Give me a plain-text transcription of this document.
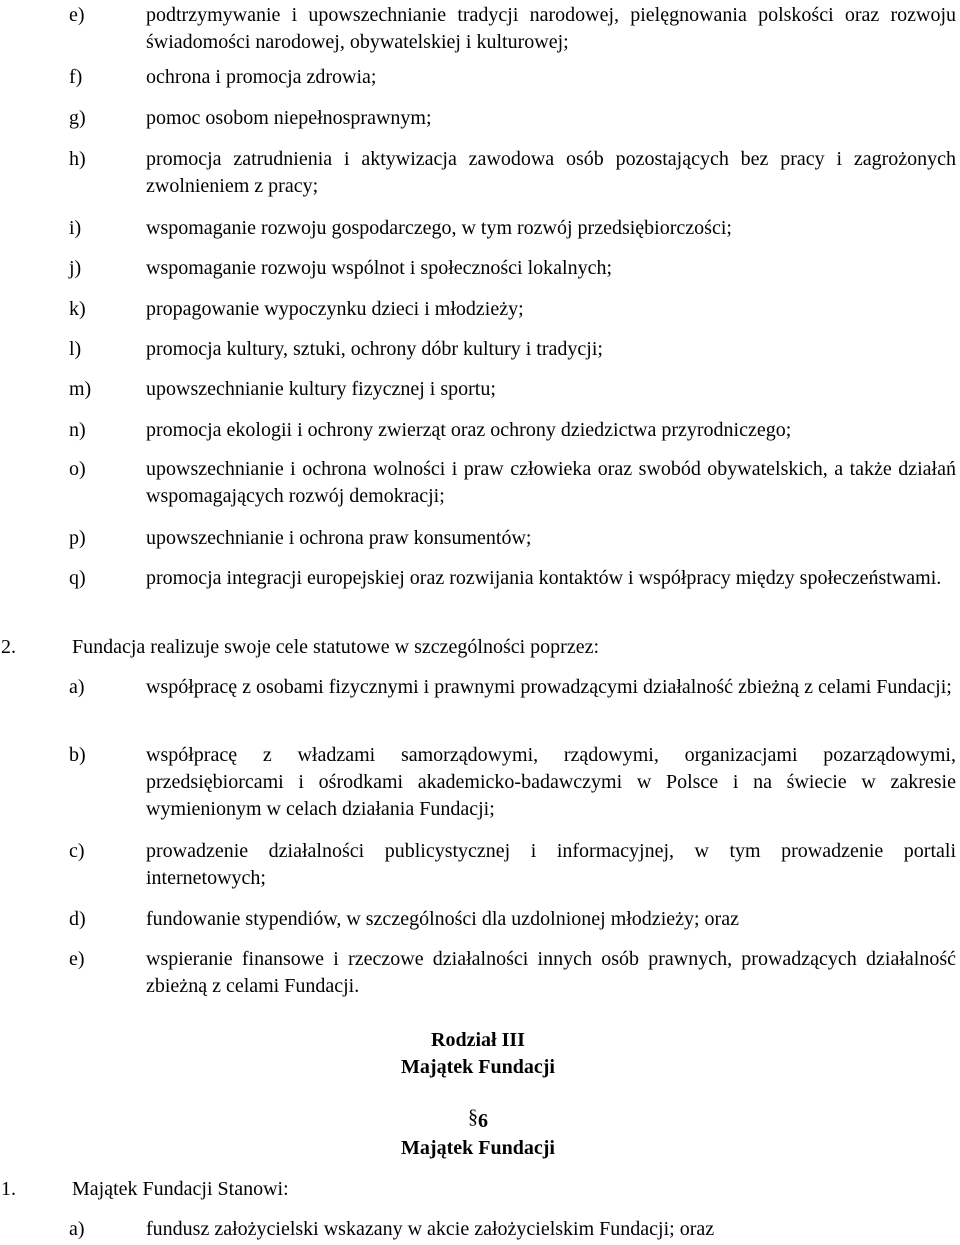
e)	podtrzymywanie i upowszechnianie tradycji narodowej, pielęgnowania polskości oraz rozwoju świadomości narodowej, obywatelskiej i kulturowej;
f)	ochrona i promocja zdrowia;
g)	pomoc osobom niepełnosprawnym;
h)	promocja zatrudnienia i aktywizacja zawodowa osób pozostających bez pracy i zagrożonych zwolnieniem z pracy;
i)	wspomaganie rozwoju gospodarczego, w tym rozwój przedsiębiorczości;
j)	wspomaganie rozwoju wspólnot i społeczności lokalnych;
k)	propagowanie wypoczynku dzieci i młodzieży;
l)	promocja kultury, sztuki, ochrony dóbr kultury i tradycji;
m)	upowszechnianie kultury fizycznej i sportu;
n)	promocja ekologii i ochrony zwierząt oraz ochrony dziedzictwa przyrodniczego;
o)	upowszechnianie i ochrona wolności i praw człowieka oraz swobód obywatelskich, a także działań wspomagających rozwój demokracji;
p)	upowszechnianie i ochrona praw konsumentów;
q)	promocja integracji europejskiej oraz rozwijania kontaktów i współpracy między społeczeństwami.
2.	Fundacja realizuje swoje cele statutowe w szczególności poprzez:
a)	współpracę z osobami fizycznymi i prawnymi prowadzącymi działalność zbieżną z celami Fundacji;
b)	współpracę z władzami samorządowymi, rządowymi, organizacjami pozarządowymi, przedsiębiorcami i ośrodkami akademicko-badawczymi w Polsce i na świecie w zakresie wymienionym w celach działania Fundacji;
c)	prowadzenie działalności publicystycznej i informacyjnej, w tym prowadzenie portali internetowych;
d)	fundowanie stypendiów, w szczególności dla uzdolnionej młodzieży; oraz
e)	wspieranie finansowe i rzeczowe działalności innych osób prawnych, prowadzących działalność zbieżną z celami Fundacji.
Rodział III
Majątek Fundacji
§6
Majątek Fundacji
1.	Majątek Fundacji Stanowi:
a)	fundusz założycielski wskazany w akcie założycielskim Fundacji; oraz
